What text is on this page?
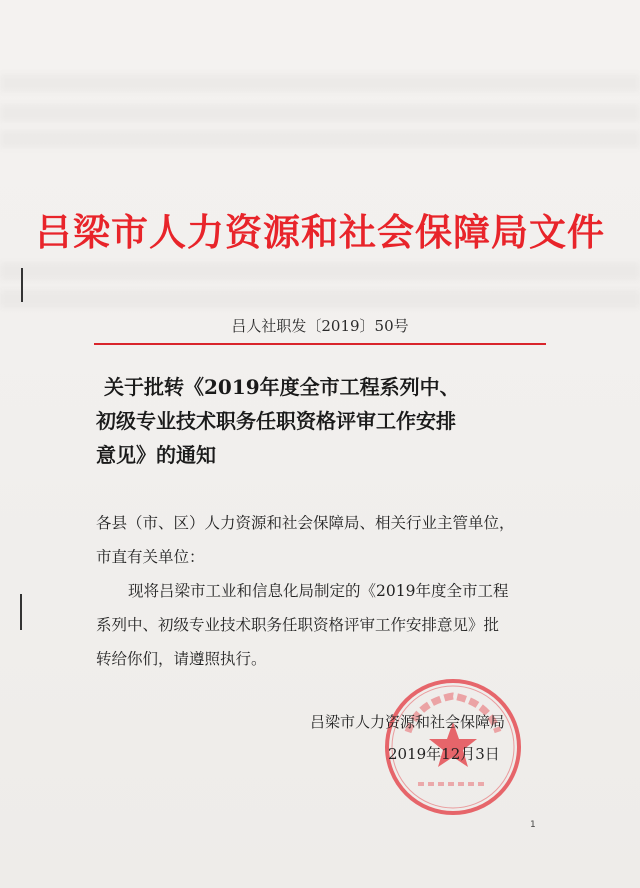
吕梁市人力资源和社会保障局文件
吕人社职发〔2019〕50号
关于批转《2019年度全市工程系列中、
初级专业技术职务任职资格评审工作安排
意见》的通知
各县（市、区）人力资源和社会保障局、相关行业主管单位，
市直有关单位：
现将吕梁市工业和信息化局制定的《2019年度全市工程
系列中、初级专业技术职务任职资格评审工作安排意见》批
转给你们，请遵照执行。
吕梁市人力资源和社会保障局
2019年12月3日
1
